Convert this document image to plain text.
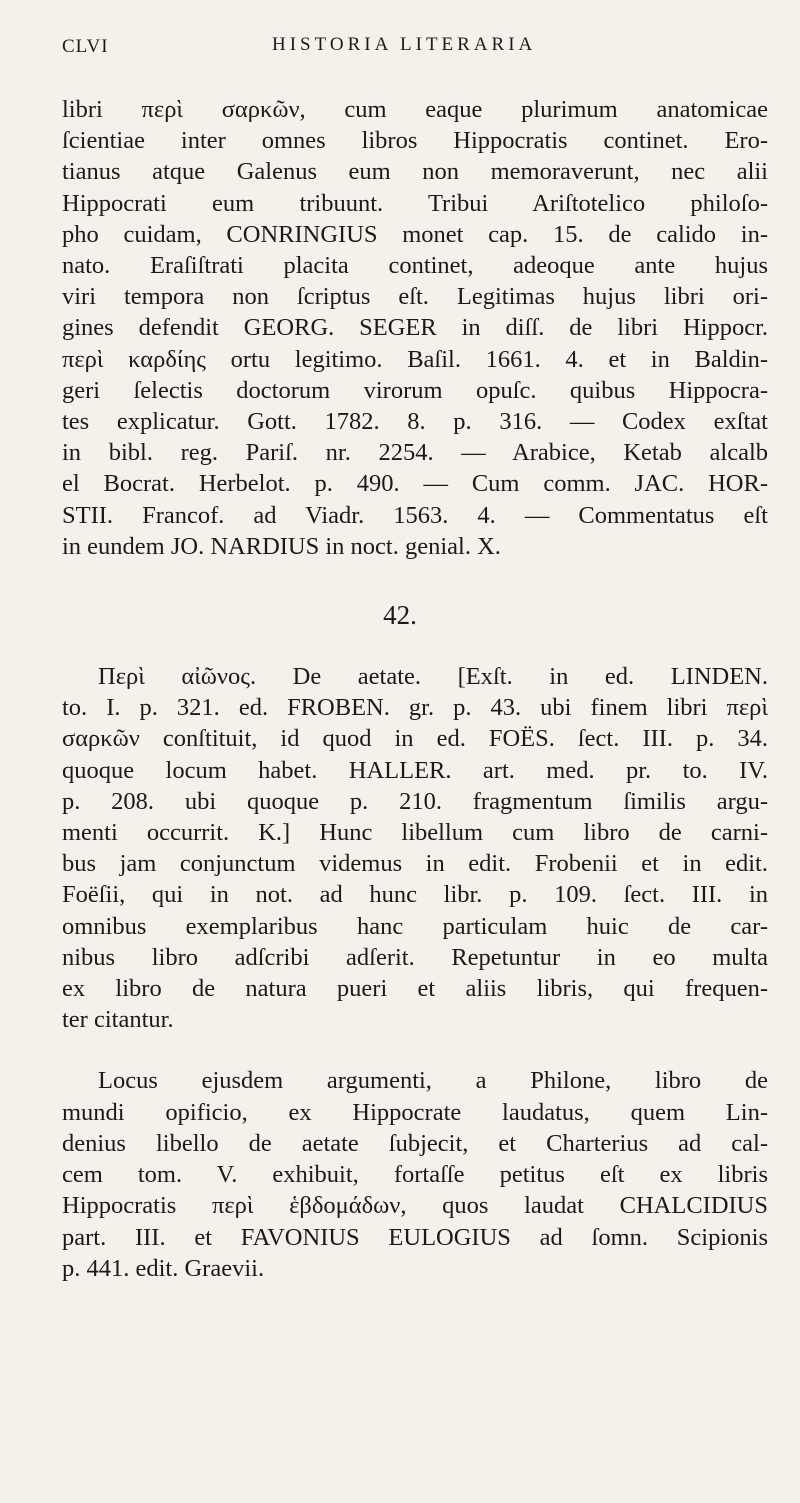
CLVI	HISTORIA LITERARIA
libri περὶ σαρκῶν, cum eaque plurimum anatomicae
ſcientiae inter omnes libros Hippocratis continet. Ero-
tianus atque Galenus eum non memoraverunt, nec alii
Hippocrati eum tribuunt. Tribui Ariſtotelico philoſo-
pho cuidam, CONRINGIUS monet cap. 15. de calido in-
nato. Eraſiſtrati placita continet, adeoque ante hujus
viri tempora non ſcriptus eſt. Legitimas hujus libri ori-
gines defendit GEORG. SEGER in diſſ. de libri Hippocr.
περὶ καρδίης ortu legitimo. Baſil. 1661. 4. et in Baldin-
geri ſelectis doctorum virorum opuſc. quibus Hippocra-
tes explicatur. Gott. 1782. 8. p. 316. — Codex exſtat
in bibl. reg. Pariſ. nr. 2254. — Arabice, Ketab alcalb
el Bocrat. Herbelot. p. 490. — Cum comm. JAC. HOR-
STII. Francof. ad Viadr. 1563. 4. — Commentatus eſt
in eundem JO. NARDIUS in noct. genial. X.
42.
Περὶ αἰῶνος. De aetate. [Exſt. in ed. LINDEN.
to. I. p. 321. ed. FROBEN. gr. p. 43. ubi finem libri περὶ
σαρκῶν conſtituit, id quod in ed. FOËS. ſect. III. p. 34.
quoque locum habet. HALLER. art. med. pr. to. IV.
p. 208. ubi quoque p. 210. fragmentum ſimilis argu-
menti occurrit. K.] Hunc libellum cum libro de carni-
bus jam conjunctum videmus in edit. Frobenii et in edit.
Foëſii, qui in not. ad hunc libr. p. 109. ſect. III. in
omnibus exemplaribus hanc particulam huic de car-
nibus libro adſcribi adſerit. Repetuntur in eo multa
ex libro de natura pueri et aliis libris, qui frequen-
ter citantur.
Locus ejusdem argumenti, a Philone, libro de
mundi opificio, ex Hippocrate laudatus, quem Lin-
denius libello de aetate ſubjecit, et Charterius ad cal-
cem tom. V. exhibuit, fortaſſe petitus eſt ex libris
Hippocratis περὶ ἑβδομάδων, quos laudat CHALCIDIUS
part. III. et FAVONIUS EULOGIUS ad ſomn. Scipionis
p. 441. edit. Graevii.
